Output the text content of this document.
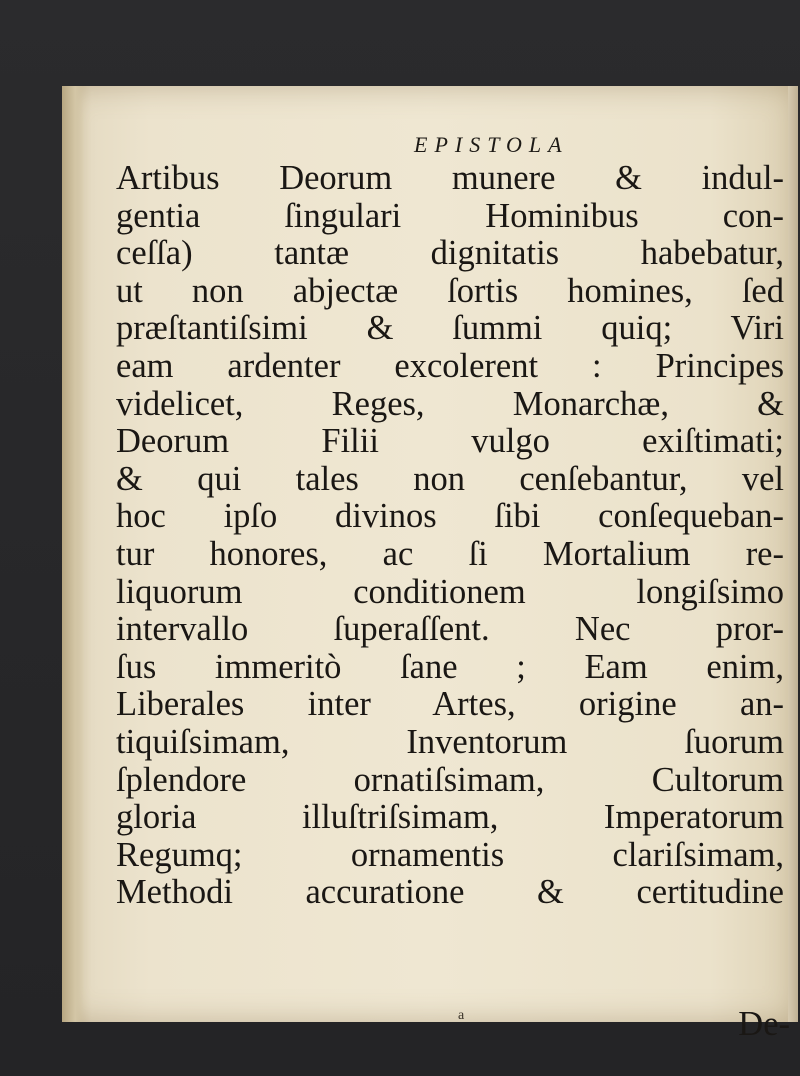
EPISTOLA
Artibus Deorum munere & indul-
gentia ſingulari Hominibus con-
ceſſa) tantæ dignitatis habebatur,
ut non abjectæ ſortis homines, ſed
præſtantiſsimi & ſummi quiq; Viri
eam ardenter excolerent : Principes
videlicet, Reges, Monarchæ, &
Deorum Filii vulgo exiſtimati;
& qui tales non cenſebantur, vel
hoc ipſo divinos ſibi conſequeban-
tur honores, ac ſi Mortalium re-
liquorum conditionem longiſsimo
intervallo ſuperaſſent. Nec pror-
ſus immeritò ſane ; Eam enim,
Liberales inter Artes, origine an-
tiquiſsimam, Inventorum ſuorum
ſplendore ornatiſsimam, Cultorum
gloria illuſtriſsimam, Imperatorum
Regumq; ornamentis clariſsimam,
Methodi accuratione & certitudine
a	De-
